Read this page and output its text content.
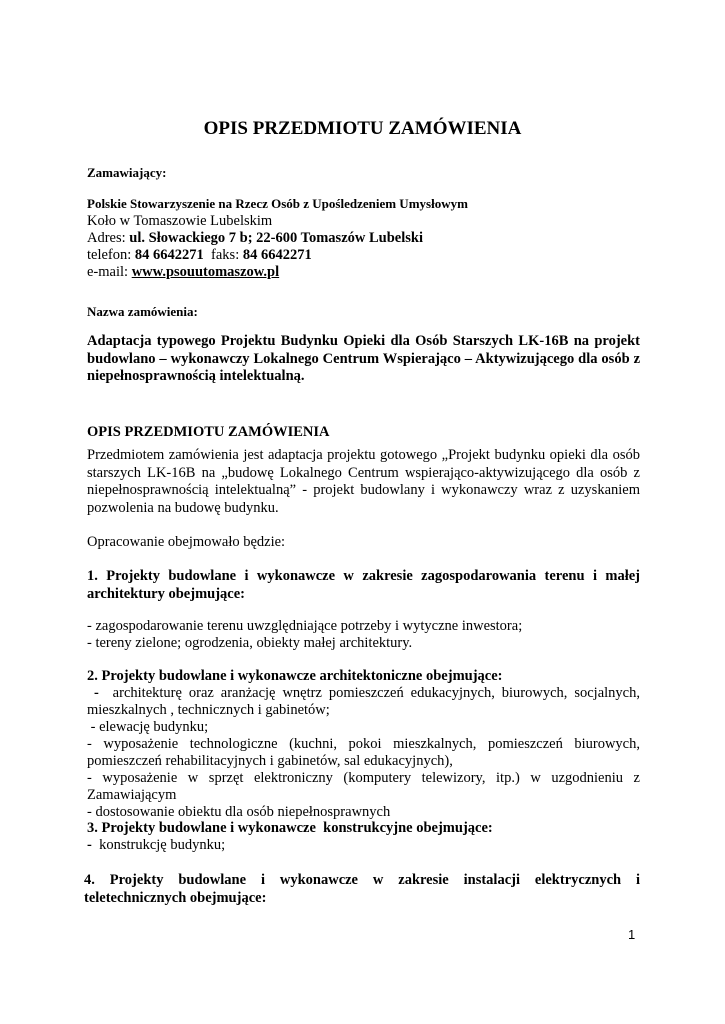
OPIS PRZEDMIOTU ZAMÓWIENIA
Zamawiający:
Polskie Stowarzyszenie na Rzecz Osób z Upośledzeniem Umysłowym
Koło w Tomaszowie Lubelskim
Adres: ul. Słowackiego 7 b; 22-600 Tomaszów Lubelski
telefon: 84 6642271  faks: 84 6642271
e-mail: www.psouutomaszow.pl
Nazwa zamówienia:
Adaptacja typowego Projektu Budynku Opieki dla Osób Starszych LK-16B na projekt budowlano – wykonawczy Lokalnego Centrum Wspierająco – Aktywizującego dla osób z niepełnosprawnością intelektualną.
OPIS PRZEDMIOTU ZAMÓWIENIA
Przedmiotem zamówienia jest adaptacja projektu gotowego „Projekt budynku opieki dla osób starszych LK-16B na „budowę Lokalnego Centrum wspierająco-aktywizującego dla osób z niepełnosprawnością intelektualną” - projekt budowlany i wykonawczy wraz z uzyskaniem pozwolenia na budowę budynku.
Opracowanie obejmowało będzie:
1. Projekty budowlane i wykonawcze w zakresie zagospodarowania terenu i małej architektury obejmujące:
- zagospodarowanie terenu uwzględniające potrzeby i wytyczne inwestora;
- tereny zielone; ogrodzenia, obiekty małej architektury.
2. Projekty budowlane i wykonawcze architektoniczne obejmujące:
-  architekturę oraz aranżację wnętrz pomieszczeń edukacyjnych, biurowych, socjalnych, mieszkalnych , technicznych i gabinetów;
- elewację budynku;
- wyposażenie technologiczne (kuchni, pokoi mieszkalnych, pomieszczeń biurowych, pomieszczeń rehabilitacyjnych i gabinetów, sal edukacyjnych),
- wyposażenie w sprzęt elektroniczny (komputery telewizory, itp.) w uzgodnieniu z Zamawiającym
- dostosowanie obiektu dla osób niepełnosprawnych
3. Projekty budowlane i wykonawcze  konstrukcyjne obejmujące:
-  konstrukcję budynku;
4. Projekty budowlane i wykonawcze w zakresie instalacji elektrycznych i teletechnicznych obejmujące:
1
